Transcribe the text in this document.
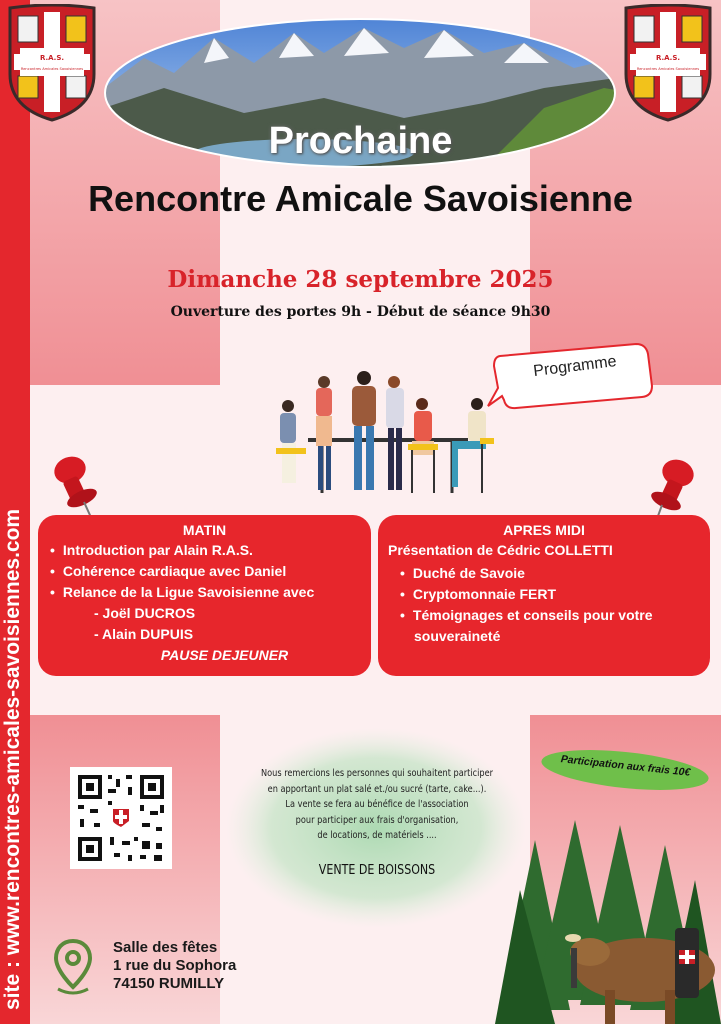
site : www.rencontres-amicales-savoisiennes.com
R.A.S.
Rencontres Amicales Savoisiennes
R.A.S.
Rencontres Amicales Savoisiennes
Prochaine
Rencontre Amicale Savoisienne
Dimanche 28 septembre 2025
Ouverture des portes 9h - Début de séance 9h30
Programme
MATIN
• Introduction par Alain R.A.S.
• Cohérence cardiaque avec Daniel
• Relance de la Ligue Savoisienne avec
- Joël DUCROS
- Alain DUPUIS
PAUSE DEJEUNER
APRES MIDI
Présentation de Cédric COLLETTI
• Duché de Savoie
• Cryptomonnaie FERT
• Témoignages et conseils pour votre
souveraineté
Nous remercions les personnes qui souhaitent participer
en apportant un plat salé et./ou sucré (tarte, cake...).
La vente se fera au bénéfice de l'association
pour participer aux frais d'organisation,
de locations, de matériels ....
VENTE DE BOISSONS
Participation aux frais 10€
Salle des fêtes
1 rue du Sophora
74150 RUMILLY
